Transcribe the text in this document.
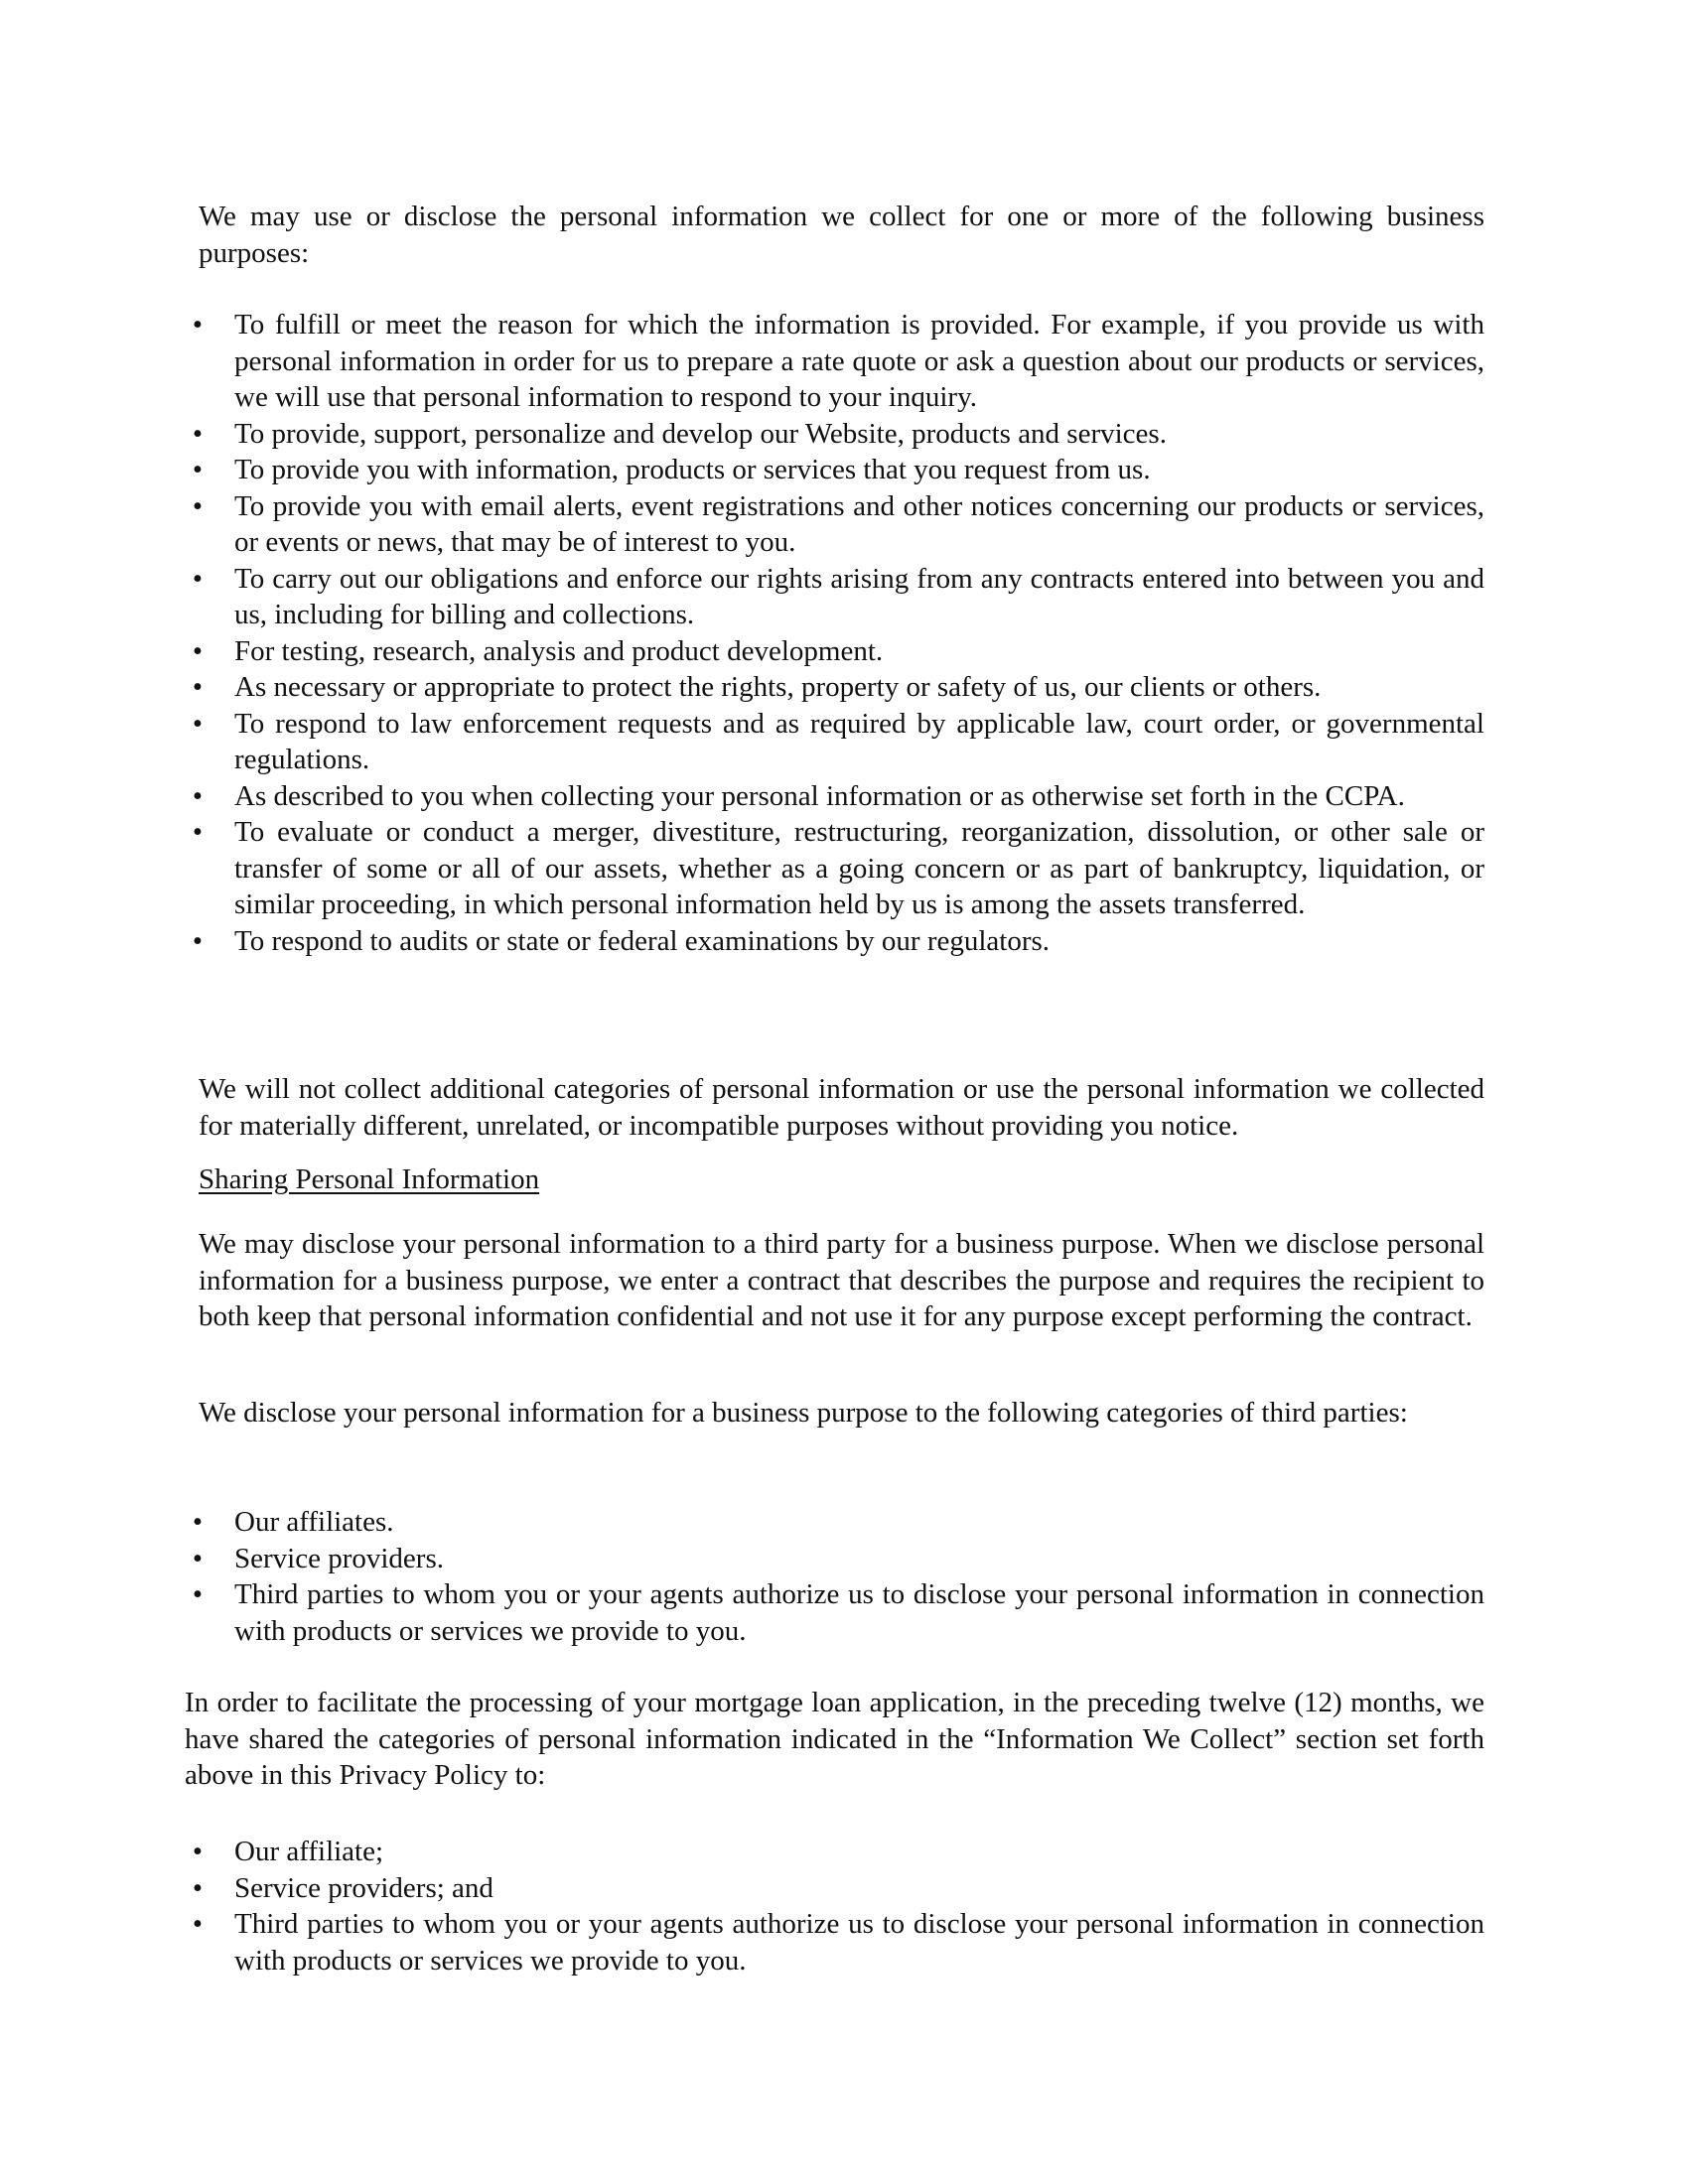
We may use or disclose the personal information we collect for one or more of the following business purposes:

• To fulfill or meet the reason for which the information is provided. For example, if you provide us with personal information in order for us to prepare a rate quote or ask a question about our products or services, we will use that personal information to respond to your inquiry.
• To provide, support, personalize and develop our Website, products and services.
• To provide you with information, products or services that you request from us.
• To provide you with email alerts, event registrations and other notices concerning our products or services, or events or news, that may be of interest to you.
• To carry out our obligations and enforce our rights arising from any contracts entered into between you and us, including for billing and collections.
• For testing, research, analysis and product development.
• As necessary or appropriate to protect the rights, property or safety of us, our clients or others.
• To respond to law enforcement requests and as required by applicable law, court order, or governmental regulations.
• As described to you when collecting your personal information or as otherwise set forth in the CCPA.
• To evaluate or conduct a merger, divestiture, restructuring, reorganization, dissolution, or other sale or transfer of some or all of our assets, whether as a going concern or as part of bankruptcy, liquidation, or similar proceeding, in which personal information held by us is among the assets transferred.
• To respond to audits or state or federal examinations by our regulators.

We will not collect additional categories of personal information or use the personal information we collected for materially different, unrelated, or incompatible purposes without providing you notice.

Sharing Personal Information

We may disclose your personal information to a third party for a business purpose. When we disclose personal information for a business purpose, we enter a contract that describes the purpose and requires the recipient to both keep that personal information confidential and not use it for any purpose except performing the contract.

We disclose your personal information for a business purpose to the following categories of third parties:

• Our affiliates.
• Service providers.
• Third parties to whom you or your agents authorize us to disclose your personal information in connection with products or services we provide to you.

In order to facilitate the processing of your mortgage loan application, in the preceding twelve (12) months, we have shared the categories of personal information indicated in the “Information We Collect” section set forth above in this Privacy Policy to:

• Our affiliate;
• Service providers; and
• Third parties to whom you or your agents authorize us to disclose your personal information in connection with products or services we provide to you.
